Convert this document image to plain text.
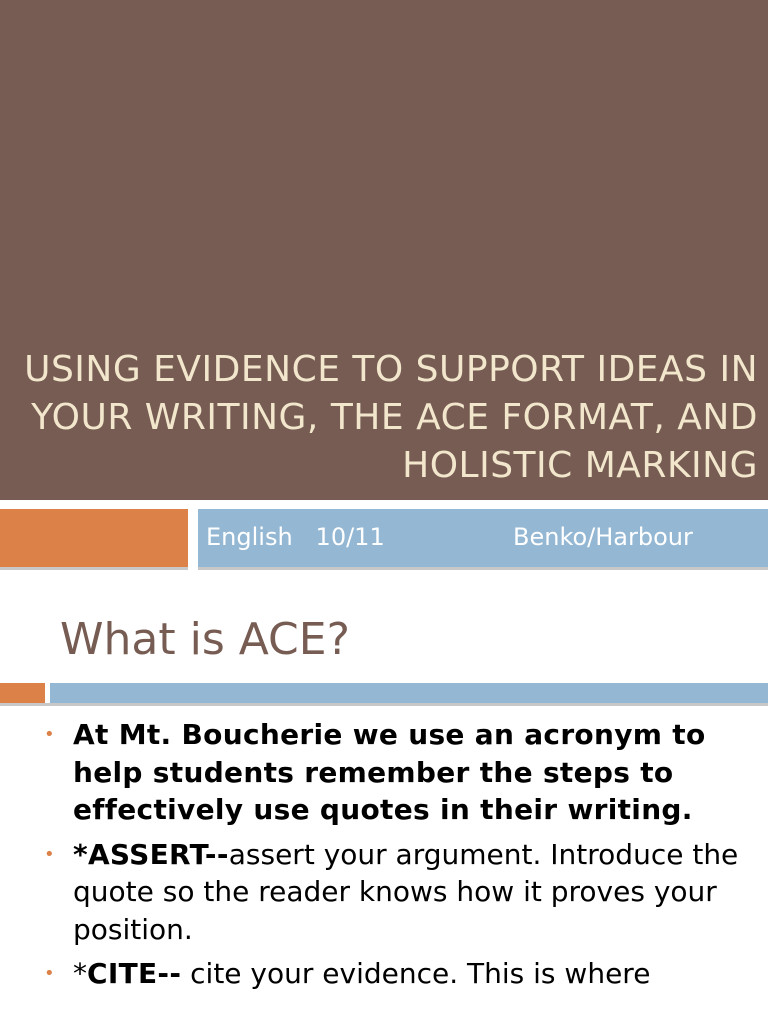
USING EVIDENCE TO SUPPORT IDEAS IN YOUR WRITING, THE ACE FORMAT, AND HOLISTIC MARKING
English   10/11	Benko/Harbour
What is ACE?
• At Mt. Boucherie we use an acronym to help students remember the steps to effectively use quotes in their writing.
• *ASSERT--assert your argument. Introduce the quote so the reader knows how it proves your position.
• *CITE-- cite your evidence. This is where
